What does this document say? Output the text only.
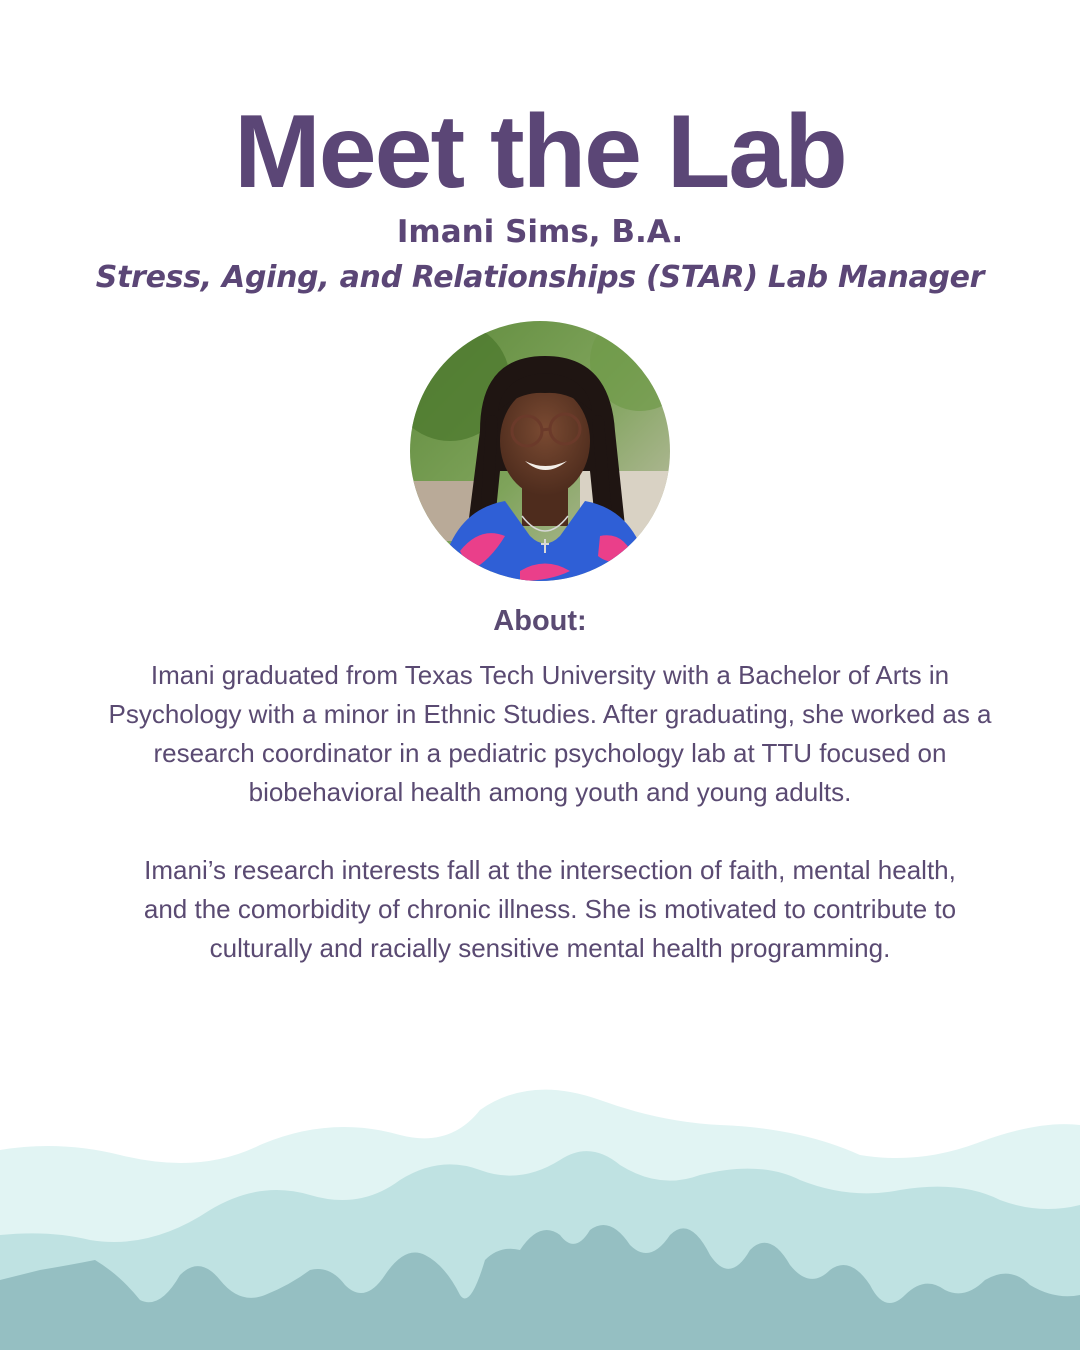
Meet the Lab
Imani Sims, B.A.
Stress, Aging, and Relationships (STAR) Lab Manager
About:

Imani graduated from Texas Tech University with a Bachelor of Arts in Psychology with a minor in Ethnic Studies. After graduating, she worked as a research coordinator in a pediatric psychology lab at TTU focused on biobehavioral health among youth and young adults.

Imani’s research interests fall at the intersection of faith, mental health, and the comorbidity of chronic illness. She is motivated to contribute to culturally and racially sensitive mental health programming.
